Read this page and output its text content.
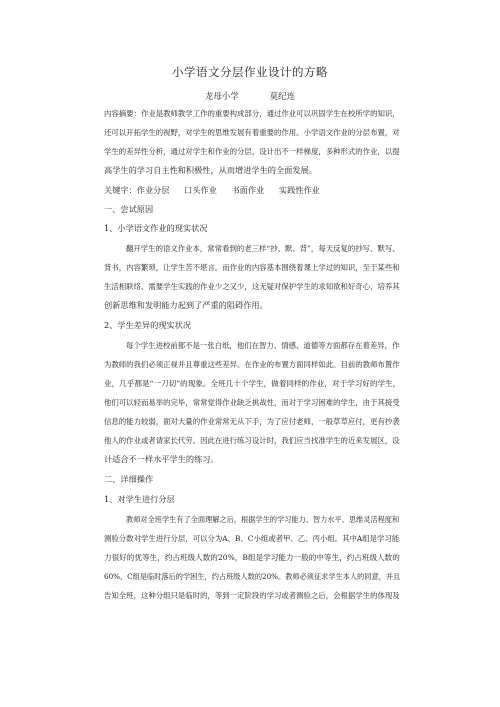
小学语文分层作业设计的方略
龙母小学	莫纪连
内容摘要：作业是教师教学工作的重要构成部分，通过作业可以巩固学生在校所学的知识，
还可以开拓学生的视野，对学生的思维发展有着重要的作用。小学语文作业的分层布置，对
学生的差异性分析，通过对学生和作业的分层，设计出不一样梯度，多种形式的作业，以提
高学生的学习自主性和积极性，从而增进学生的全面发展。
关键字：作业分层 口头作业 书面作业 实践性作业
一、尝试原因
1、小学语文作业的现实状况
翻开学生的语文作业本，常常看到的老三样“抄、默、背”，每天反复的抄写、默写、
背书，内容繁琐，让学生苦不堪言。而作业的内容基本围绕着课上学过的知识，至于某些和
生活相联络、需要学生实践的作业少之又少，这无疑对保护学生的求知欲和好奇心，培养其
创新思维和发明能力起到了严重的阻碍作用。
2、学生差异的现实状况
每个学生进校前都不是一张白纸，他们在智力、情感、道德等方面都存在着差异，作
为教师的我们必须正视并且尊重这些差异。在作业的布置方面同样如此。目前的教师布置作
业，几乎都是“一刀切”的现象。全班几十个学生，做着同样的作业，对于学习好的学生，
他们可以轻而易举的完毕，常常觉得作业缺乏挑战性，而对于学习困难的学生，由于其接受
信息的能力较弱，面对大量的作业常常无从下手，为了应付老师，一般草草应付，更有抄袭
他人的作业或者请家长代劳。因此在进行练习设计时，我们应当找准学生的近来发展区，设
计适合不一样水平学生的练习。
二、详细操作
1、对学生进行分层
教师对全班学生有了全面理解之后，根据学生的学习能力、智力水平、思维灵活程度和
测验分数对学生进行分层，可以分为A、B、C小组或者甲、乙、丙小组。其中A组是学习能
力很好的优等生，约占班级人数的20%，B组是学习能力一般的中等生，约占班级人数的
60%，C组是临时落后的学困生，约占班级人数的20%。教师必须征求学生本人的同意，并且
告知全班，这种分组只是临时的，等到一定阶段的学习或者测验之后，会根据学生的体现及
